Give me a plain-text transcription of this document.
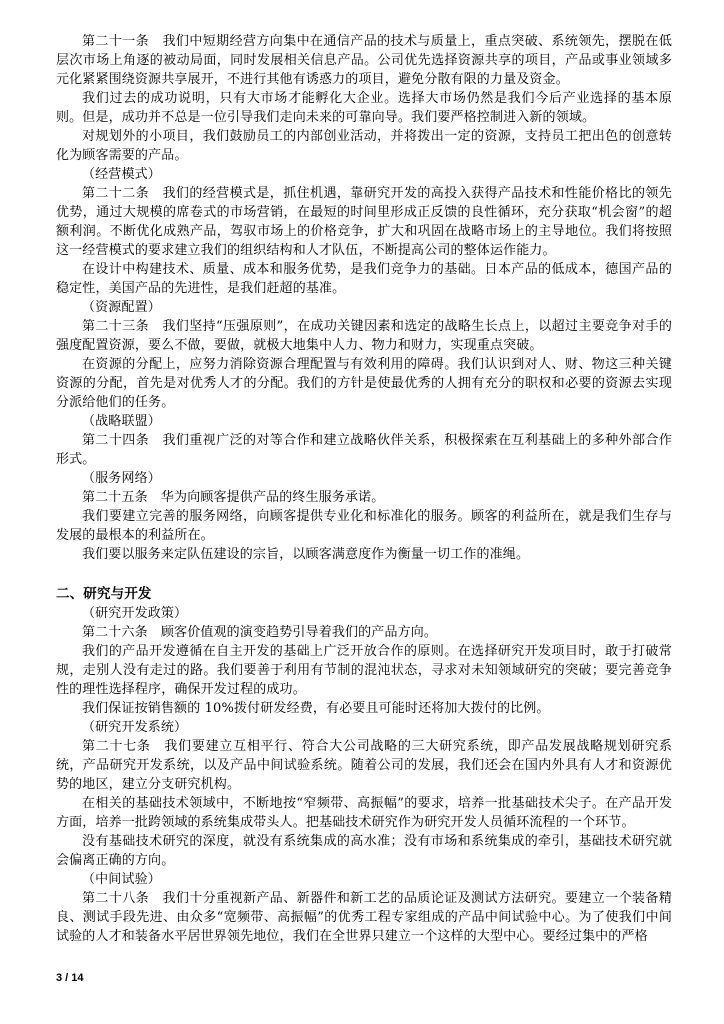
第二十一条　我们中短期经营方向集中在通信产品的技术与质量上，重点突破、系统领先，摆脱在低层次市场上角逐的被动局面，同时发展相关信息产品。公司优先选择资源共享的项目，产品或事业领域多元化紧紧围绕资源共享展开，不进行其他有诱惑力的项目，避免分散有限的力量及资金。

我们过去的成功说明，只有大市场才能孵化大企业。选择大市场仍然是我们今后产业选择的基本原则。但是，成功并不总是一位引导我们走向未来的可靠向导。我们要严格控制进入新的领域。

对规划外的小项目，我们鼓励员工的内部创业活动，并将拨出一定的资源，支持员工把出色的创意转化为顾客需要的产品。

（经营模式）

第二十二条　我们的经营模式是，抓住机遇，靠研究开发的高投入获得产品技术和性能价格比的领先优势，通过大规模的席卷式的市场营销，在最短的时间里形成正反馈的良性循环，充分获取“机会窗”的超额利润。不断优化成熟产品，驾驭市场上的价格竞争，扩大和巩固在战略市场上的主导地位。我们将按照这一经营模式的要求建立我们的组织结构和人才队伍，不断提高公司的整体运作能力。

在设计中构建技术、质量、成本和服务优势，是我们竞争力的基础。日本产品的低成本，德国产品的稳定性，美国产品的先进性，是我们赶超的基准。

（资源配置）

第二十三条　我们坚持“压强原则”，在成功关键因素和选定的战略生长点上，以超过主要竞争对手的强度配置资源，要么不做，要做，就极大地集中人力、物力和财力，实现重点突破。

在资源的分配上，应努力消除资源合理配置与有效利用的障碍。我们认识到对人、财、物这三种关键资源的分配，首先是对优秀人才的分配。我们的方针是使最优秀的人拥有充分的职权和必要的资源去实现分派给他们的任务。

（战略联盟）

第二十四条　我们重视广泛的对等合作和建立战略伙伴关系，积极探索在互利基础上的多种外部合作形式。

（服务网络）

第二十五条　华为向顾客提供产品的终生服务承诺。

我们要建立完善的服务网络，向顾客提供专业化和标准化的服务。顾客的利益所在，就是我们生存与发展的最根本的利益所在。

我们要以服务来定队伍建设的宗旨，以顾客满意度作为衡量一切工作的准绳。

二、研究与开发

（研究开发政策）

第二十六条　顾客价值观的演变趋势引导着我们的产品方向。

我们的产品开发遵循在自主开发的基础上广泛开放合作的原则。在选择研究开发项目时，敢于打破常规，走别人没有走过的路。我们要善于利用有节制的混沌状态，寻求对未知领域研究的突破；要完善竞争性的理性选择程序，确保开发过程的成功。

我们保证按销售额的 10%拨付研发经费，有必要且可能时还将加大拨付的比例。

（研究开发系统）

第二十七条　我们要建立互相平行、符合大公司战略的三大研究系统，即产品发展战略规划研究系统，产品研究开发系统，以及产品中间试验系统。随着公司的发展，我们还会在国内外具有人才和资源优势的地区，建立分支研究机构。

在相关的基础技术领域中，不断地按“窄频带、高振幅”的要求，培养一批基础技术尖子。在产品开发方面，培养一批跨领域的系统集成带头人。把基础技术研究作为研究开发人员循环流程的一个环节。

没有基础技术研究的深度，就没有系统集成的高水准；没有市场和系统集成的牵引，基础技术研究就会偏离正确的方向。

（中间试验）

第二十八条　我们十分重视新产品、新器件和新工艺的品质论证及测试方法研究。要建立一个装备精良、测试手段先进、由众多“宽频带、高振幅”的优秀工程专家组成的产品中间试验中心。为了使我们中间试验的人才和装备水平居世界领先地位，我们在全世界只建立一个这样的大型中心。要经过集中的严格

3 / 14
